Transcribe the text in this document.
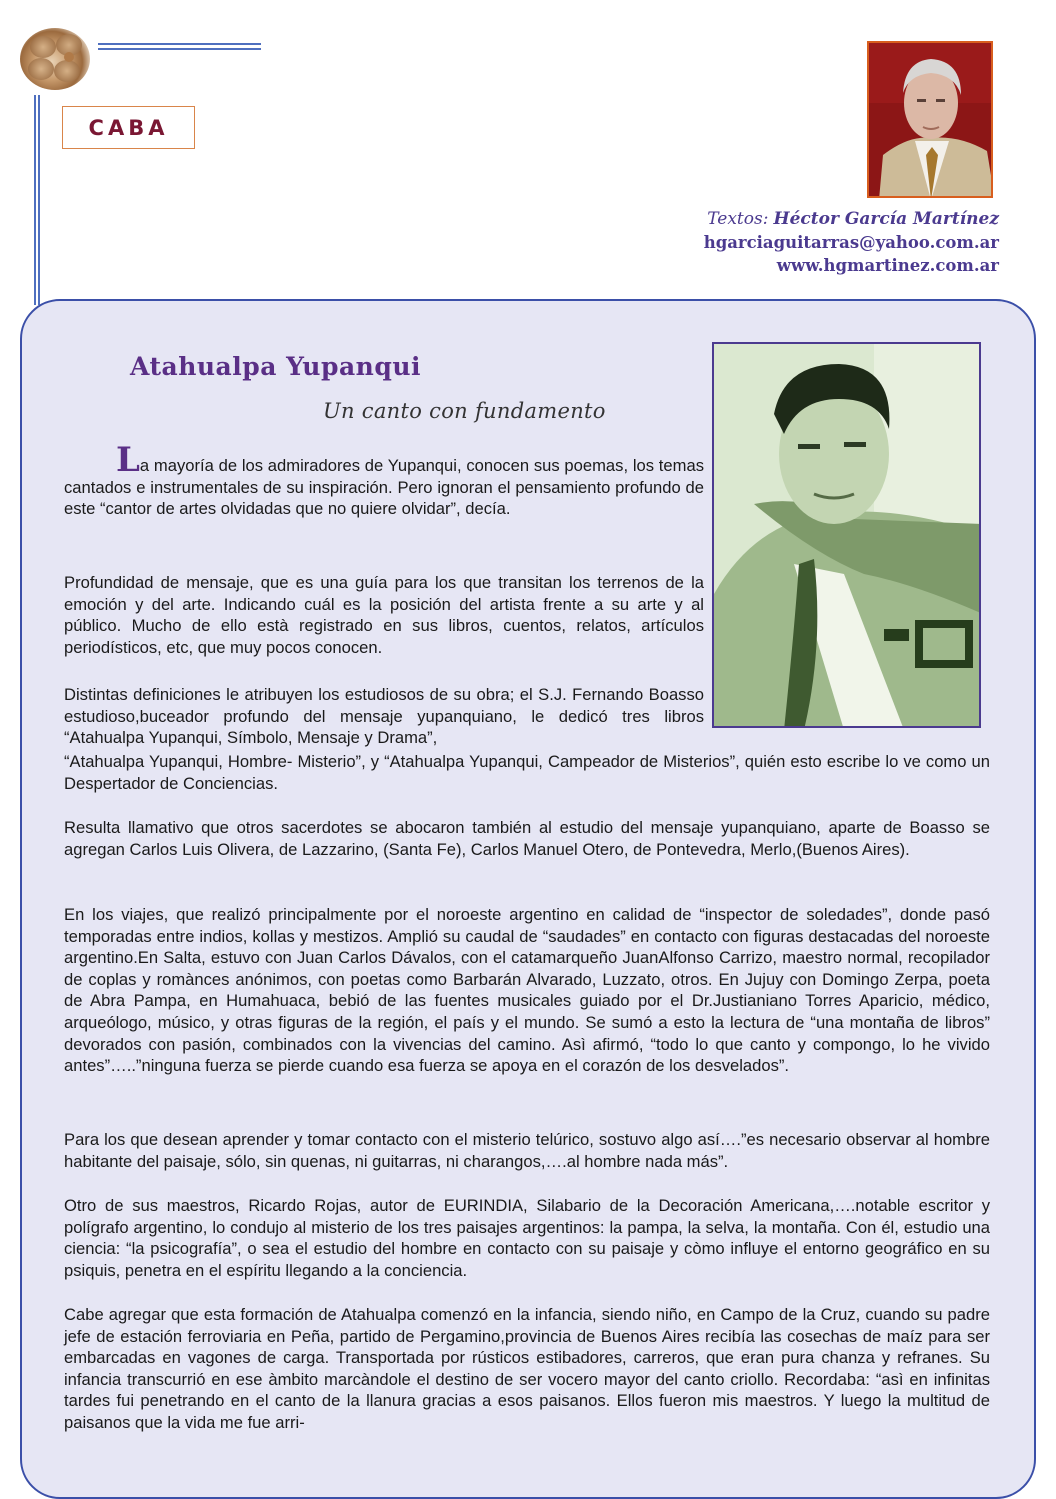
CABA
Textos: Héctor García Martínez
hgarciaguitarras@yahoo.com.ar
www.hgmartinez.com.ar
Atahualpa Yupanqui
Un canto con fundamento

La mayoría de los admiradores de Yupanqui, conocen sus poemas, los temas cantados e instrumentales de su inspiración. Pero ignoran el pensamiento profundo de este “cantor de artes olvidadas que no quiere olvidar”, decía.

Profundidad de mensaje, que es una guía para los que transitan los terrenos de la emoción y del arte. Indicando cuál es la posición del artista frente a su arte y al público. Mucho de ello està registrado en sus libros, cuentos, relatos, artículos periodísticos, etc, que muy pocos conocen.

Distintas definiciones le atribuyen los estudiosos de su obra; el S.J. Fernando Boasso estudioso,buceador profundo del mensaje yupanquiano, le dedicó tres libros “Atahualpa Yupanqui, Símbolo, Mensaje y Drama”,

“Atahualpa Yupanqui, Hombre- Misterio”, y “Atahualpa Yupanqui, Campeador de Misterios”, quién esto escribe lo ve como un Despertador de Conciencias.

Resulta llamativo que otros sacerdotes se abocaron también al estudio del mensaje yupanquiano, aparte de Boasso se agregan Carlos Luis Olivera, de Lazzarino, (Santa Fe), Carlos Manuel Otero, de Pontevedra, Merlo,(Buenos Aires).

En los viajes, que realizó principalmente por el noroeste argentino en calidad de “inspector de soledades”, donde pasó temporadas entre indios, kollas y mestizos. Amplió su caudal de “saudades” en contacto con figuras destacadas del noroeste argentino.En Salta, estuvo con Juan Carlos Dávalos, con el catamarqueño JuanAlfonso Carrizo, maestro normal, recopilador de coplas y romànces anónimos, con poetas como Barbarán Alvarado, Luzzato, otros. En Jujuy con Domingo Zerpa, poeta de Abra Pampa, en Humahuaca, bebió de las fuentes musicales guiado por el Dr.Justianiano Torres Aparicio, médico, arqueólogo, músico, y otras figuras de la región, el país y el mundo. Se sumó a esto la lectura de “una montaña de libros” devorados con pasión, combinados con la vivencias del camino. Asì afirmó, “todo lo que canto y compongo, lo he vivido antes”…..”ninguna fuerza se pierde cuando esa fuerza se apoya en el corazón de los desvelados”.

Para los que desean aprender y tomar contacto con el misterio telúrico, sostuvo algo así….”es necesario observar al hombre habitante del paisaje, sólo, sin quenas, ni guitarras, ni charangos,….al hombre nada más”.

Otro de sus maestros, Ricardo Rojas, autor de EURINDIA, Silabario de la Decoración Americana,….notable escritor y polígrafo argentino, lo condujo al misterio de los tres paisajes argentinos: la pampa, la selva, la montaña. Con él, estudio una ciencia: “la psicografía”, o sea el estudio del hombre en contacto con su paisaje y còmo influye el entorno geográfico en su psiquis, penetra en el espíritu llegando a la conciencia.

Cabe agregar que esta formación de Atahualpa comenzó en la infancia, siendo niño, en Campo de la Cruz, cuando su padre jefe de estación ferroviaria en Peña, partido de Pergamino,provincia de Buenos Aires recibía las cosechas de maíz para ser embarcadas en vagones de carga. Transportada por rústicos estibadores, carreros, que eran pura chanza y refranes. Su infancia transcurrió en ese àmbito marcàndole el destino de ser vocero mayor del canto criollo. Recordaba: “asì en infinitas tardes fui penetrando en el canto de la llanura gracias a esos paisanos. Ellos fueron mis maestros. Y luego la multitud de paisanos que la vida me fue arri-
